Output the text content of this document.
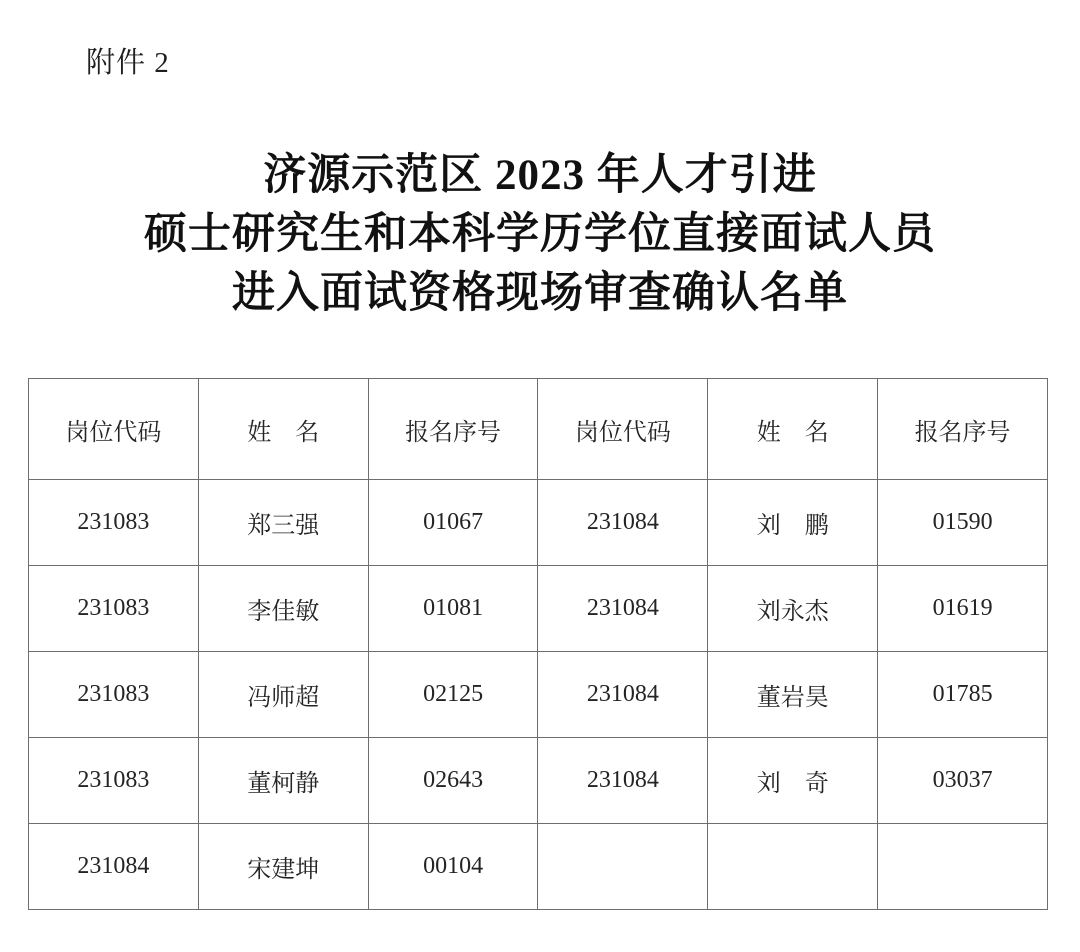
附件 2
济源示范区 2023 年人才引进
硕士研究生和本科学历学位直接面试人员
进入面试资格现场审查确认名单
岗位代码	姓　名	报名序号	岗位代码	姓　名	报名序号
231083	郑三强	01067	231084	刘　鹏	01590
231083	李佳敏	01081	231084	刘永杰	01619
231083	冯师超	02125	231084	董岩昊	01785
231083	董柯静	02643	231084	刘　奇	03037
231084	宋建坤	00104			
